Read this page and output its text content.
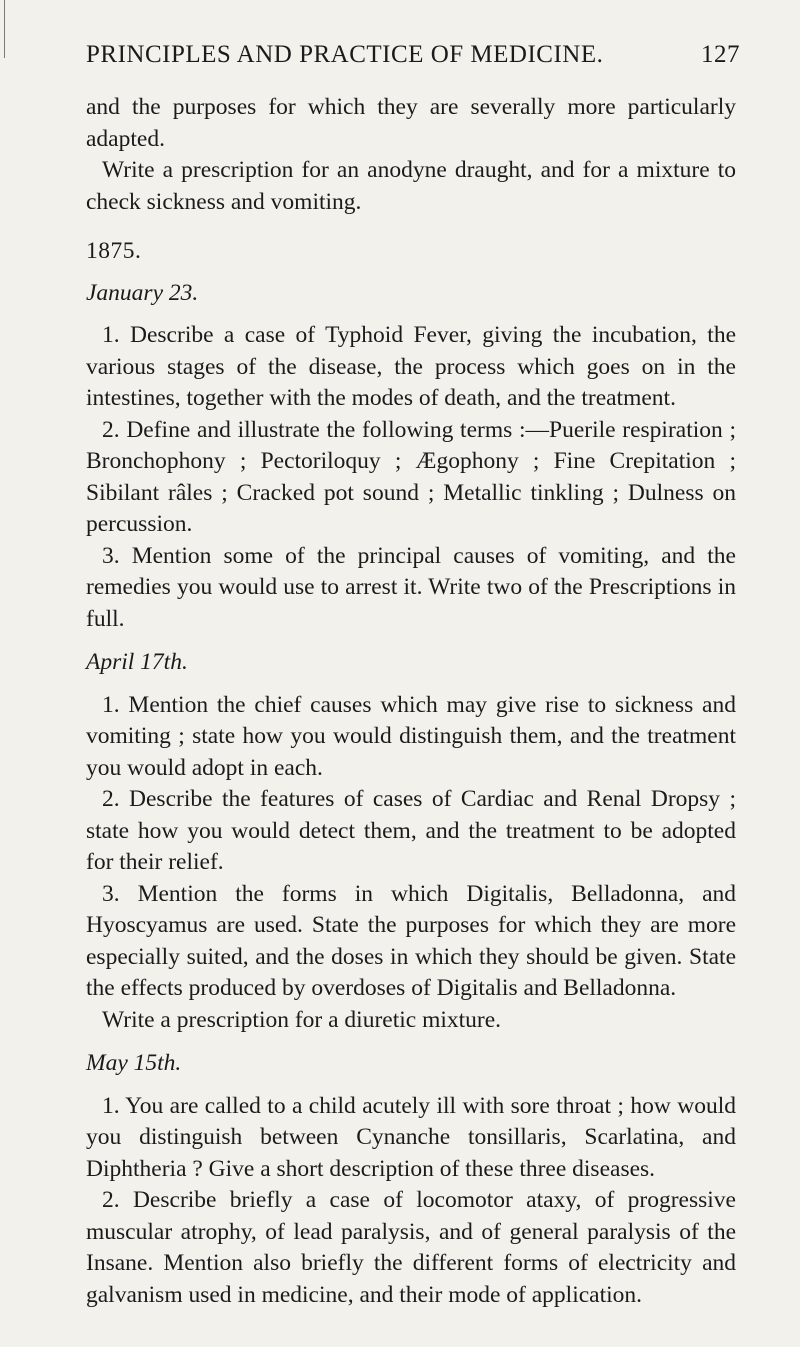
PRINCIPLES AND PRACTICE OF MEDICINE.	127

and the purposes for which they are severally more particularly adapted.

Write a prescription for an anodyne draught, and for a mixture to check sickness and vomiting.

1875.

January 23.

1. Describe a case of Typhoid Fever, giving the incubation, the various stages of the disease, the process which goes on in the intestines, together with the modes of death, and the treatment.

2. Define and illustrate the following terms :—Puerile respiration ; Bronchophony ; Pectoriloquy ; Ægophony ; Fine Crepitation ; Sibilant râles ; Cracked pot sound ; Metallic tinkling ; Dulness on percussion.

3. Mention some of the principal causes of vomiting, and the remedies you would use to arrest it. Write two of the Prescriptions in full.

April 17th.

1. Mention the chief causes which may give rise to sickness and vomiting ; state how you would distinguish them, and the treatment you would adopt in each.

2. Describe the features of cases of Cardiac and Renal Dropsy ; state how you would detect them, and the treatment to be adopted for their relief.

3. Mention the forms in which Digitalis, Belladonna, and Hyoscyamus are used. State the purposes for which they are more especially suited, and the doses in which they should be given. State the effects produced by overdoses of Digitalis and Belladonna.

Write a prescription for a diuretic mixture.

May 15th.

1. You are called to a child acutely ill with sore throat ; how would you distinguish between Cynanche tonsillaris, Scarlatina, and Diphtheria ? Give a short description of these three diseases.

2. Describe briefly a case of locomotor ataxy, of progressive muscular atrophy, of lead paralysis, and of general paralysis of the Insane. Mention also briefly the different forms of electricity and galvanism used in medicine, and their mode of application.
